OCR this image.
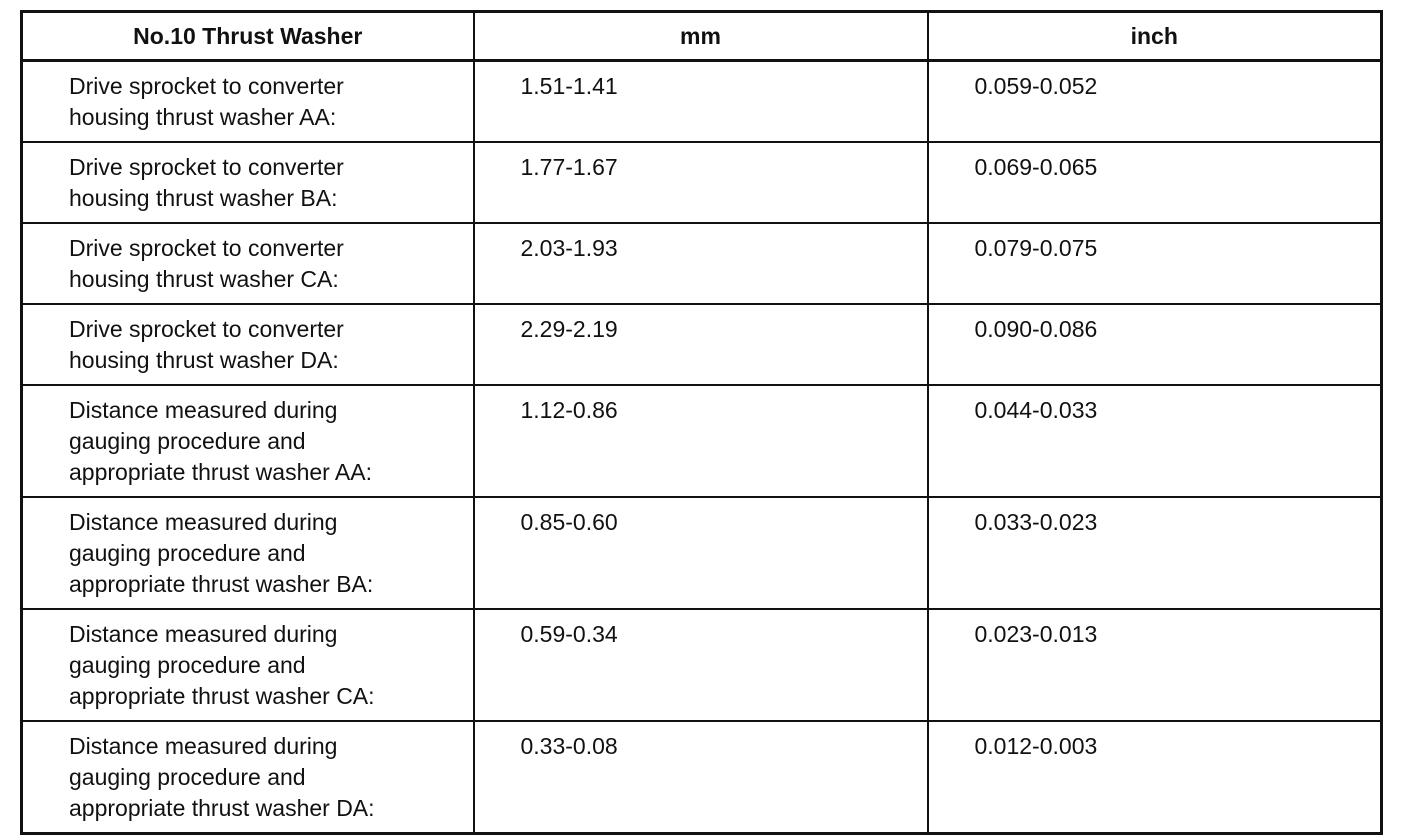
No.10 Thrust Washer	mm	inch
Drive sprocket to converter
housing thrust washer AA:	1.51-1.41	0.059-0.052
Drive sprocket to converter
housing thrust washer BA:	1.77-1.67	0.069-0.065
Drive sprocket to converter
housing thrust washer CA:	2.03-1.93	0.079-0.075
Drive sprocket to converter
housing thrust washer DA:	2.29-2.19	0.090-0.086
Distance measured during
gauging procedure and
appropriate thrust washer AA:	1.12-0.86	0.044-0.033
Distance measured during
gauging procedure and
appropriate thrust washer BA:	0.85-0.60	0.033-0.023
Distance measured during
gauging procedure and
appropriate thrust washer CA:	0.59-0.34	0.023-0.013
Distance measured during
gauging procedure and
appropriate thrust washer DA:	0.33-0.08	0.012-0.003
